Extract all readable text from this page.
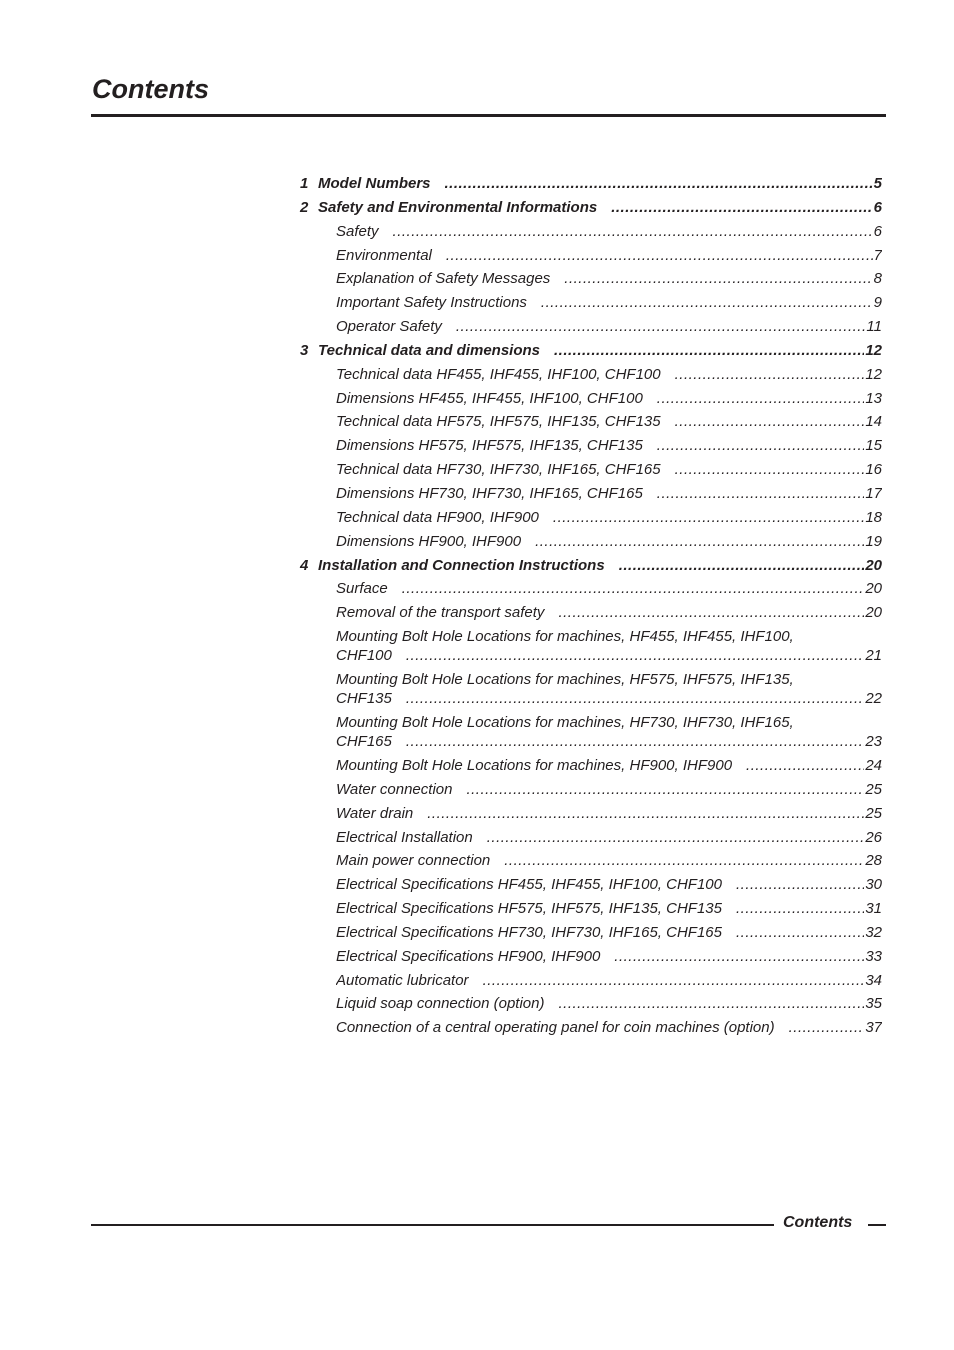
Contents
1 Model Numbers .....	5
2 Safety and Environmental Informations .....	6
Safety .....	6
Environmental .....	7
Explanation of Safety Messages .....	8
Important Safety Instructions .....	9
Operator Safety .....	11
3 Technical data and dimensions .....	12
Technical data HF455, IHF455, IHF100, CHF100 .....	12
Dimensions HF455, IHF455, IHF100, CHF100 .....	13
Technical data HF575, IHF575, IHF135, CHF135 .....	14
Dimensions HF575, IHF575, IHF135, CHF135 .....	15
Technical data HF730, IHF730, IHF165, CHF165 .....	16
Dimensions HF730, IHF730, IHF165, CHF165 .....	17
Technical data HF900, IHF900 .....	18
Dimensions HF900, IHF900 .....	19
4 Installation and Connection Instructions .....	20
Surface .....	20
Removal of the transport safety .....	20
Mounting Bolt Hole Locations for machines, HF455, IHF455, IHF100,
CHF100 .....	21
Mounting Bolt Hole Locations for machines, HF575, IHF575, IHF135,
CHF135 .....	22
Mounting Bolt Hole Locations for machines, HF730, IHF730, IHF165,
CHF165 .....	23
Mounting Bolt Hole Locations for machines, HF900, IHF900 .....	24
Water connection .....	25
Water drain .....	25
Electrical Installation .....	26
Main power connection .....	28
Electrical Specifications HF455, IHF455, IHF100, CHF100 .....	30
Electrical Specifications HF575, IHF575, IHF135, CHF135 .....	31
Electrical Specifications HF730, IHF730, IHF165, CHF165 .....	32
Electrical Specifications HF900, IHF900 .....	33
Automatic lubricator .....	34
Liquid soap connection (option) .....	35
Connection of a central operating panel for coin machines (option) .....	37
Contents
